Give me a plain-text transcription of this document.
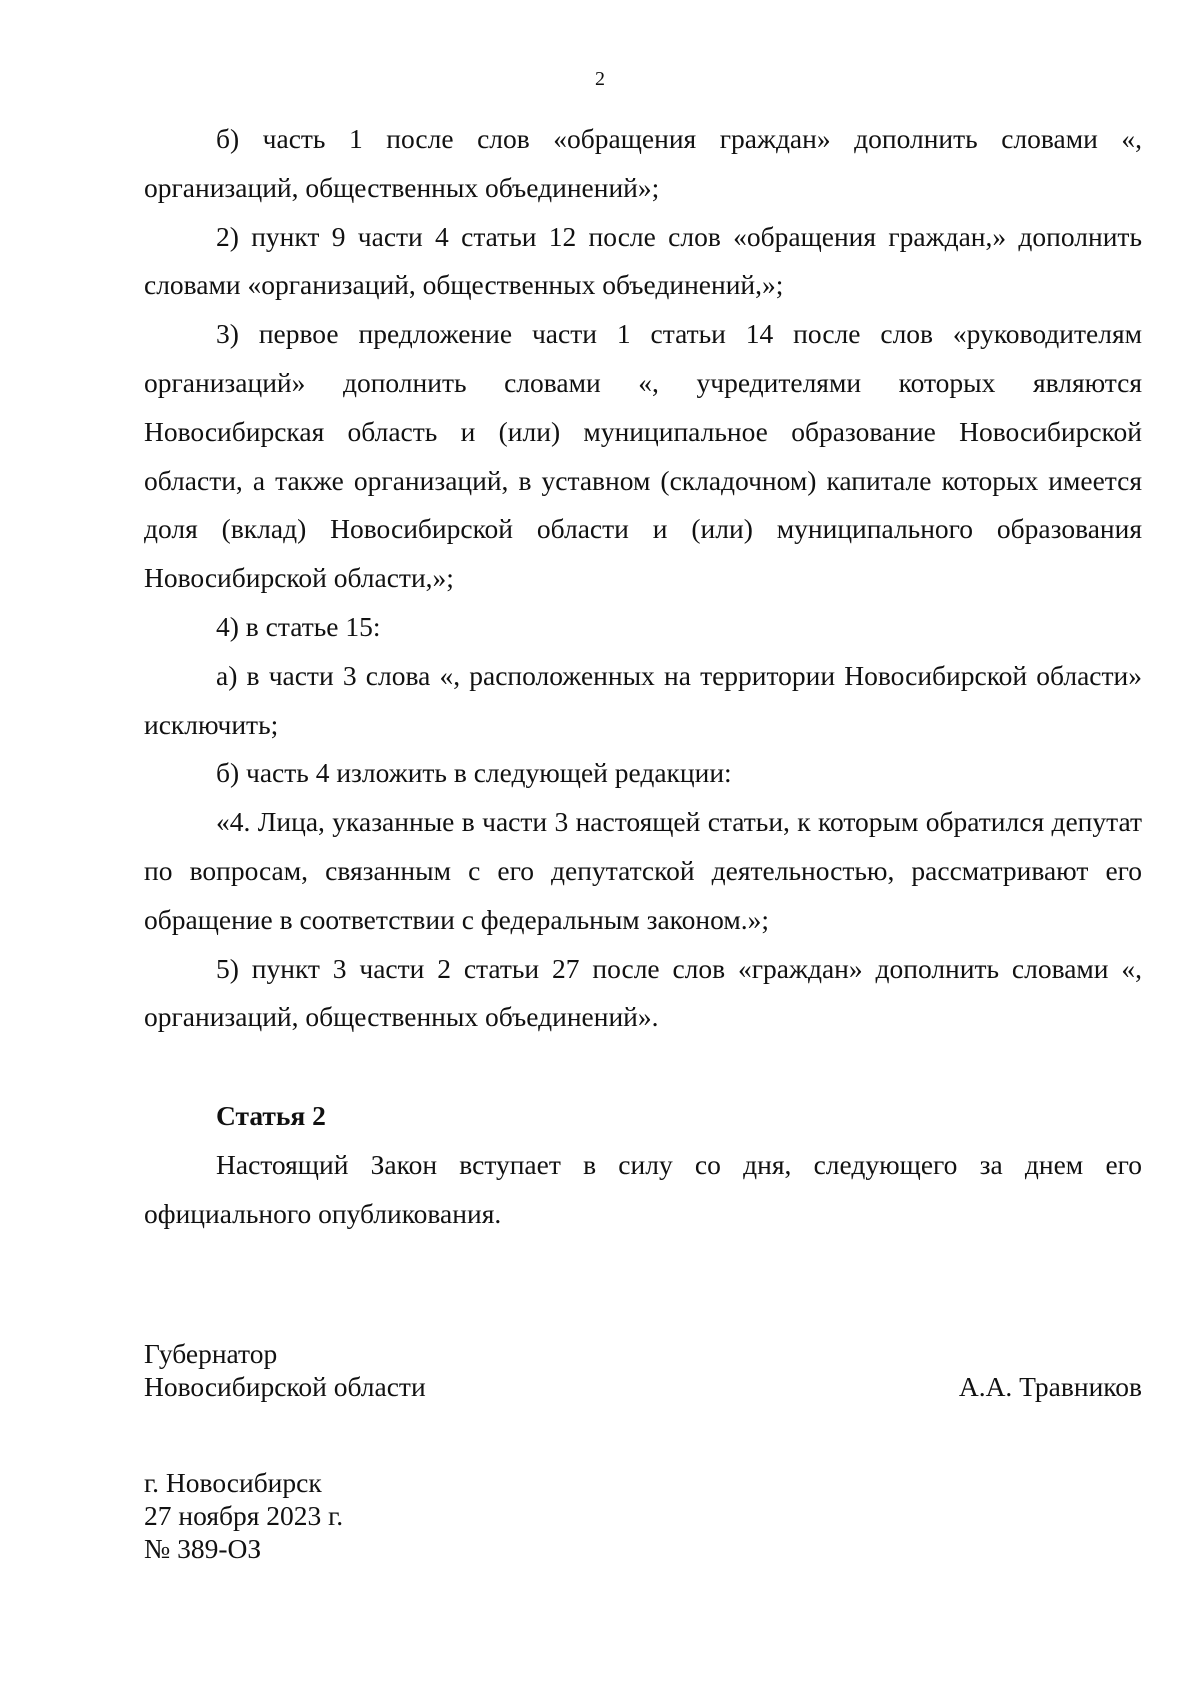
2

б) часть 1 после слов «обращения граждан» дополнить словами «, организаций, общественных объединений»;

2) пункт 9 части 4 статьи 12 после слов «обращения граждан,» дополнить словами «организаций, общественных объединений,»;

3) первое предложение части 1 статьи 14 после слов «руководителям организаций» дополнить словами «, учредителями которых являются Новосибирская область и (или) муниципальное образование Новосибирской области, а также организаций, в уставном (складочном) капитале которых имеется доля (вклад) Новосибирской области и (или) муниципального образования Новосибирской области,»;

4) в статье 15:

а) в части 3 слова «, расположенных на территории Новосибирской области» исключить;

б) часть 4 изложить в следующей редакции:

«4. Лица, указанные в части 3 настоящей статьи, к которым обратился депутат по вопросам, связанным с его депутатской деятельностью, рассматривают его обращение в соответствии с федеральным законом.»;

5) пункт 3 части 2 статьи 27 после слов «граждан» дополнить словами «, организаций, общественных объединений».

Статья 2

Настоящий Закон вступает в силу со дня, следующего за днем его официального опубликования.

Губернатор
Новосибирской области	А.А. Травников
г. Новосибирск
27 ноября 2023 г.
№ 389-ОЗ
